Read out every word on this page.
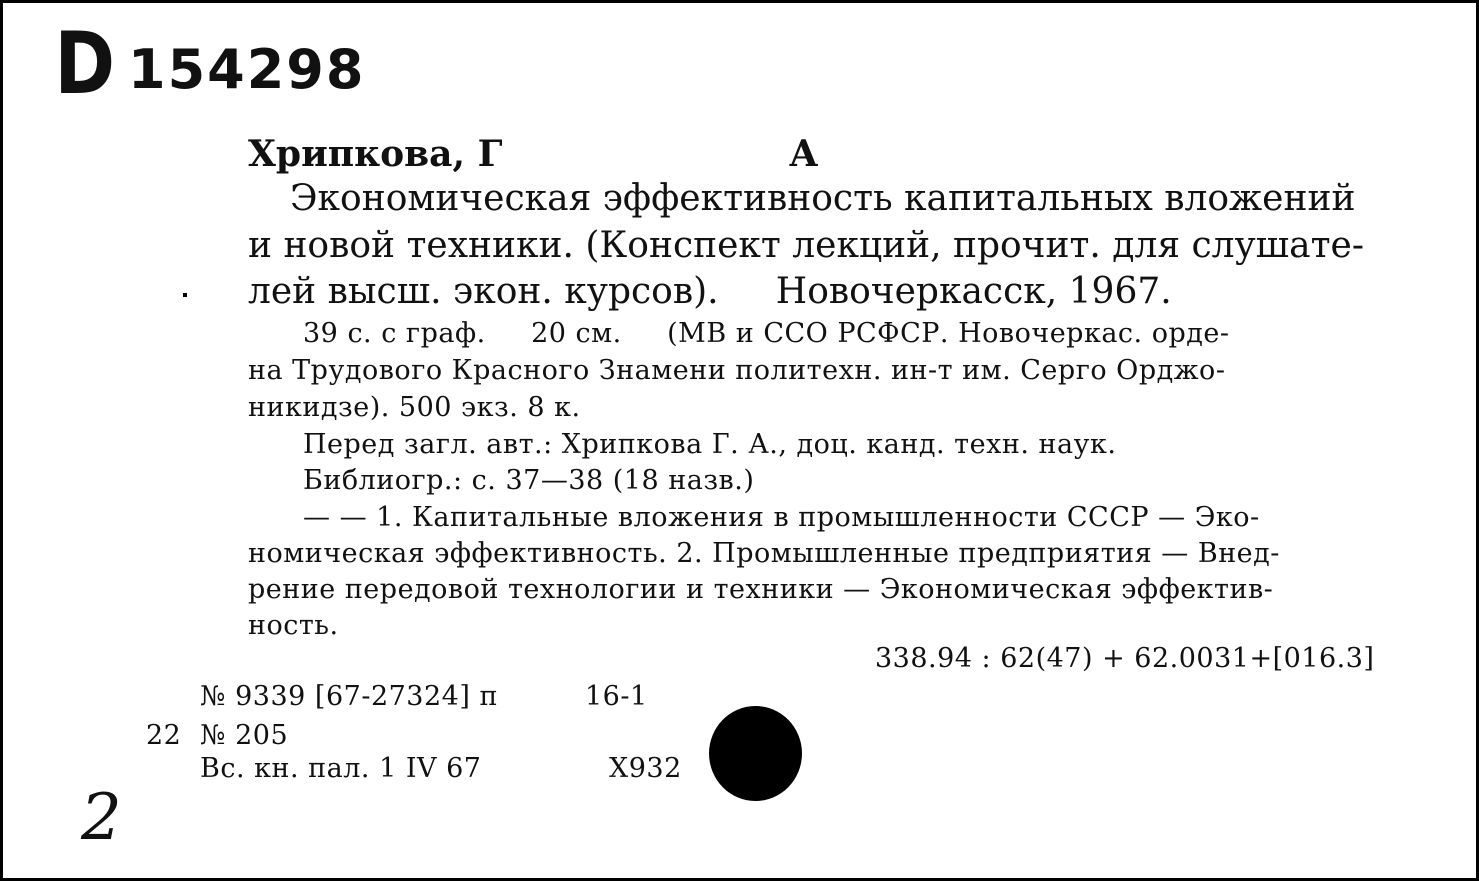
D 154298
Хрипкова, Г	А
Экономическая эффективность капитальных вложений
и новой техники. (Конспект лекций, прочит. для слушате-
лей высш. экон. курсов).     Новочеркасск, 1967.
39 с. с граф.     20 см.     (МВ и ССО РСФСР. Новочеркас. орде-
на Трудового Красного Знамени политехн. ин-т им. Серго Орджо-
никидзе). 500 экз. 8 к.
Перед загл. авт.: Хрипкова Г. А., доц. канд. техн. наук.
Библиогр.: с. 37—38 (18 назв.)
— — 1. Капитальные вложения в промышленности СССР — Эко-
номическая эффективность. 2. Промышленные предприятия — Внед-
рение передовой технологии и техники — Экономическая эффектив-
ность.
338.94 : 62(47) + 62.0031+[016.3]
№ 9339 [67-27324] п	16-1
22 № 205
Вс. кн. пал. 1 IV 67	Х932
2
